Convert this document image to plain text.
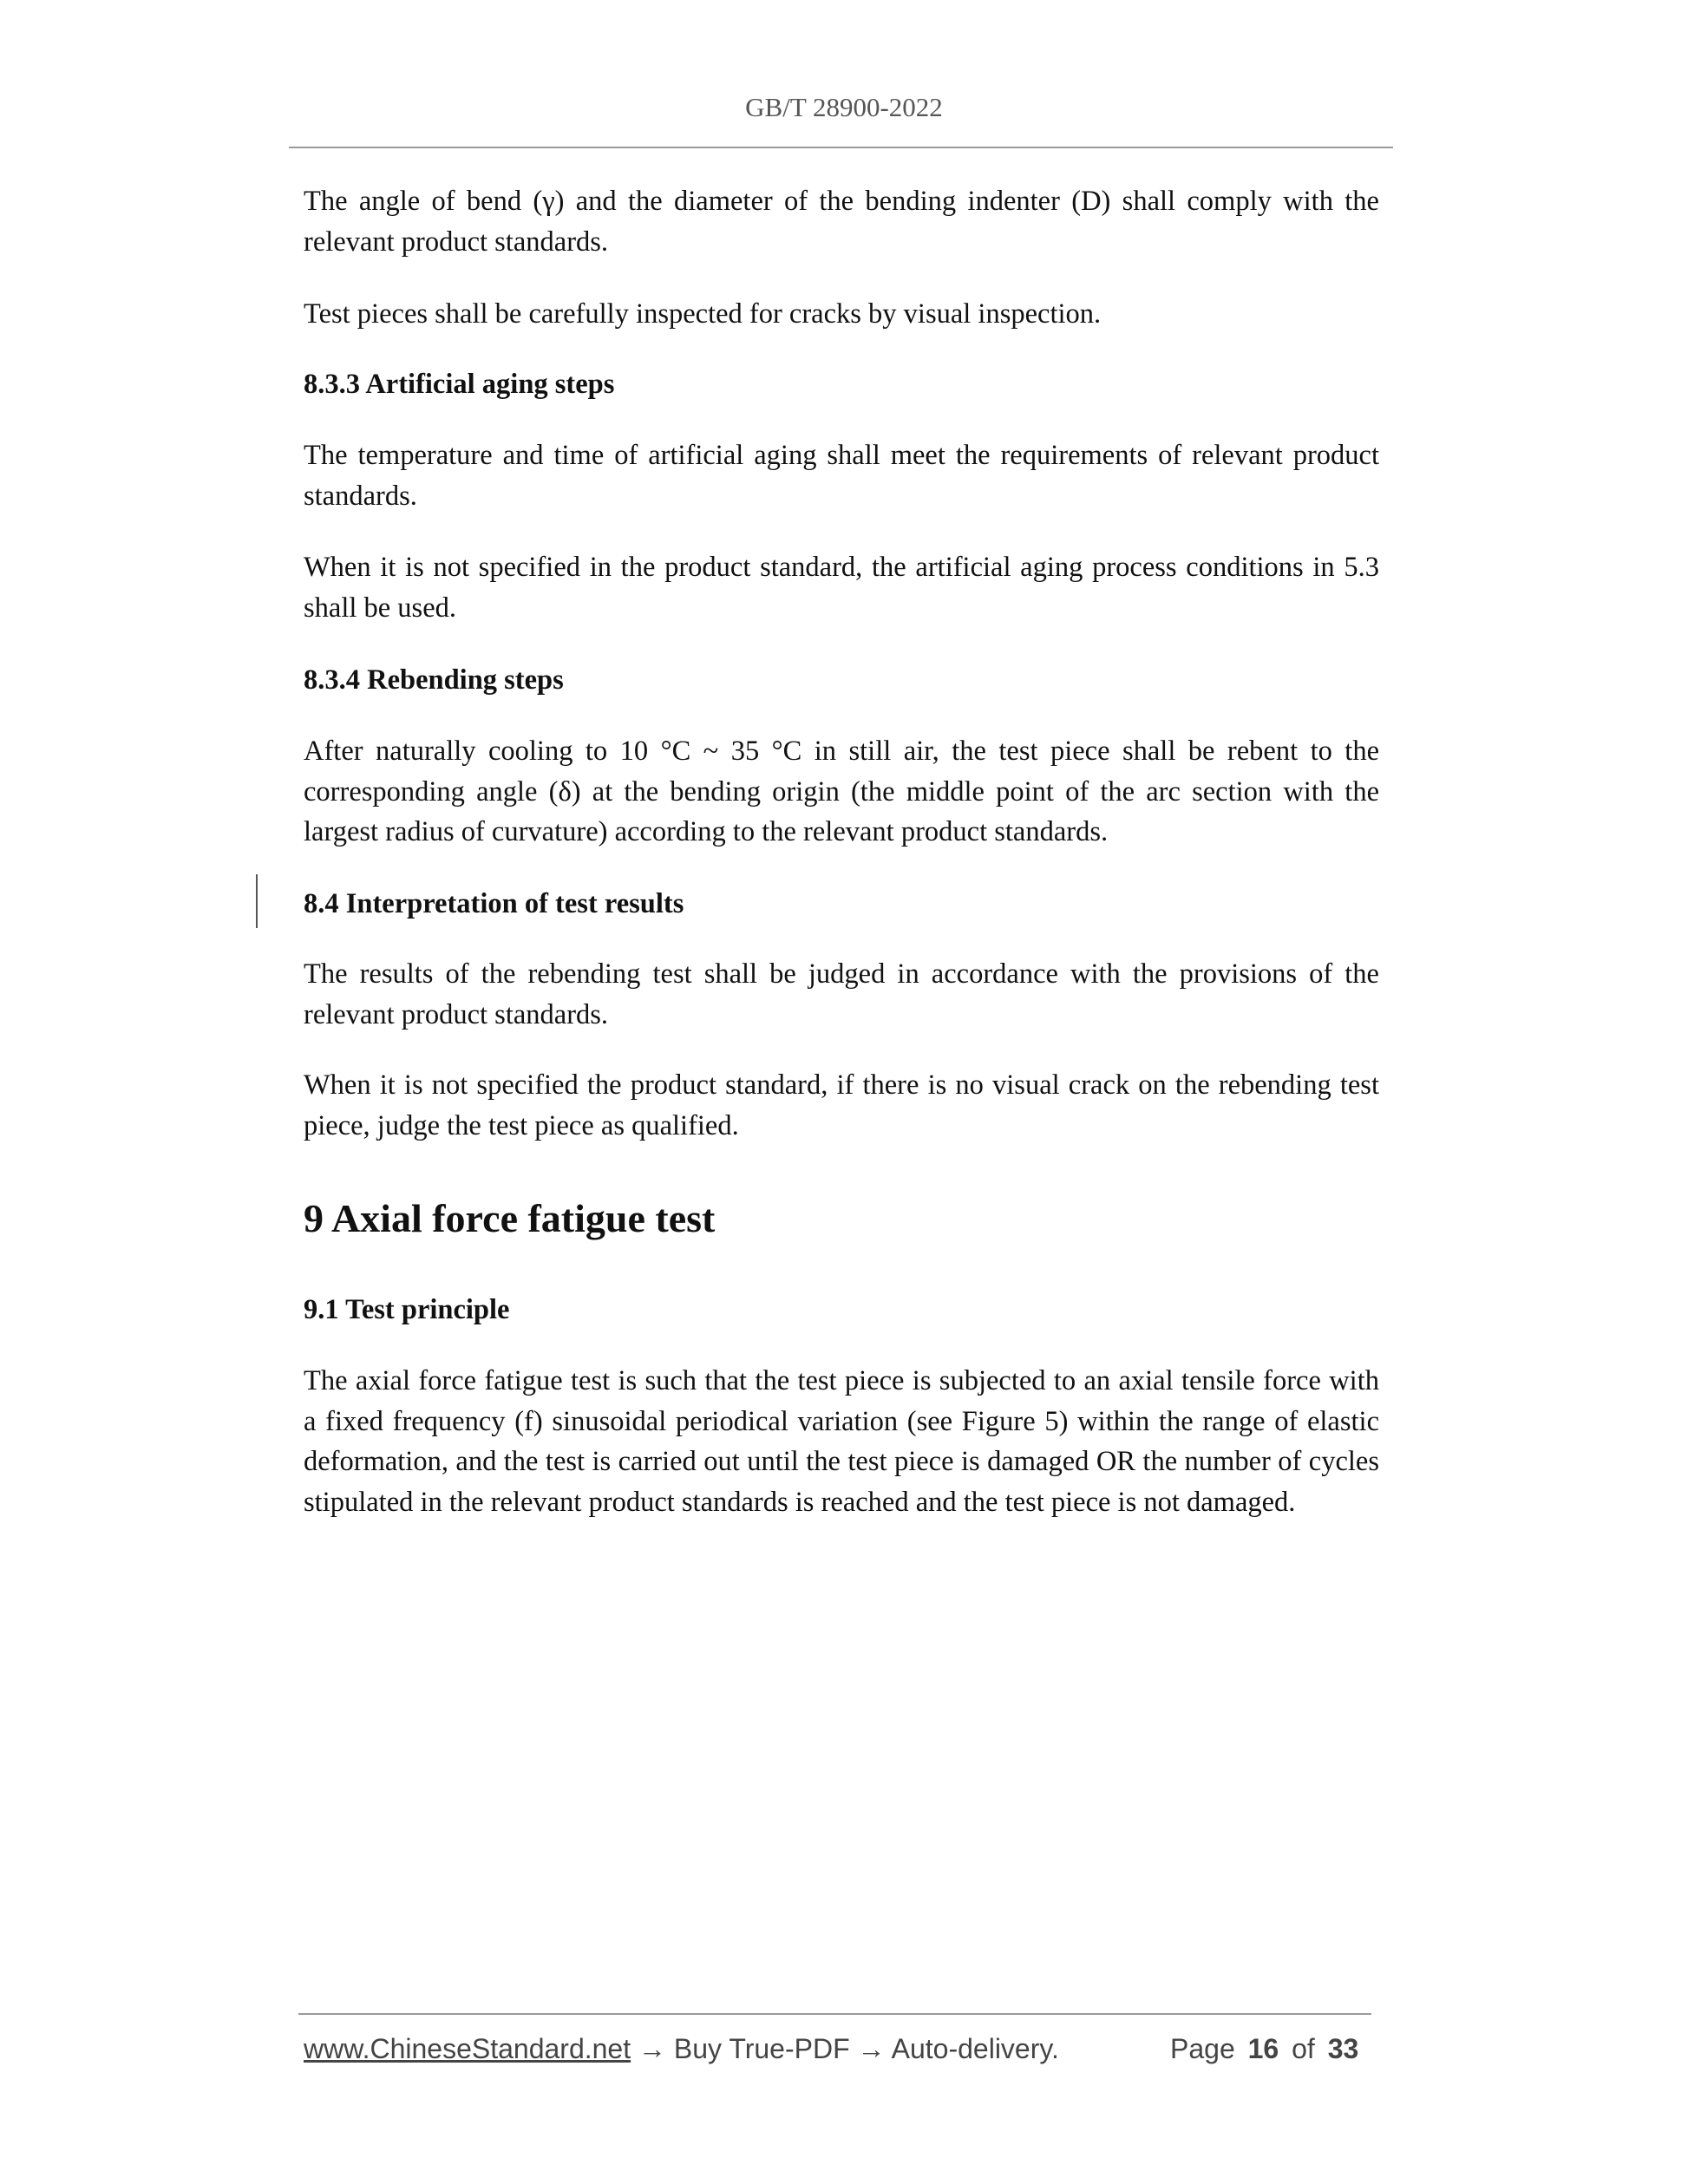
GB/T 28900-2022
The angle of bend (γ) and the diameter of the bending indenter (D) shall comply with the relevant product standards.
Test pieces shall be carefully inspected for cracks by visual inspection.
8.3.3 Artificial aging steps
The temperature and time of artificial aging shall meet the requirements of relevant product standards.
When it is not specified in the product standard, the artificial aging process conditions in 5.3 shall be used.
8.3.4 Rebending steps
After naturally cooling to 10 °C ~ 35 °C in still air, the test piece shall be rebent to the corresponding angle (δ) at the bending origin (the middle point of the arc section with the largest radius of curvature) according to the relevant product standards.
8.4 Interpretation of test results
The results of the rebending test shall be judged in accordance with the provisions of the relevant product standards.
When it is not specified the product standard, if there is no visual crack on the rebending test piece, judge the test piece as qualified.
9 Axial force fatigue test
9.1 Test principle
The axial force fatigue test is such that the test piece is subjected to an axial tensile force with a fixed frequency (f) sinusoidal periodical variation (see Figure 5) within the range of elastic deformation, and the test is carried out until the test piece is damaged OR the number of cycles stipulated in the relevant product standards is reached and the test piece is not damaged.
www.ChineseStandard.net → Buy True-PDF → Auto-delivery.	Page 16 of 33
